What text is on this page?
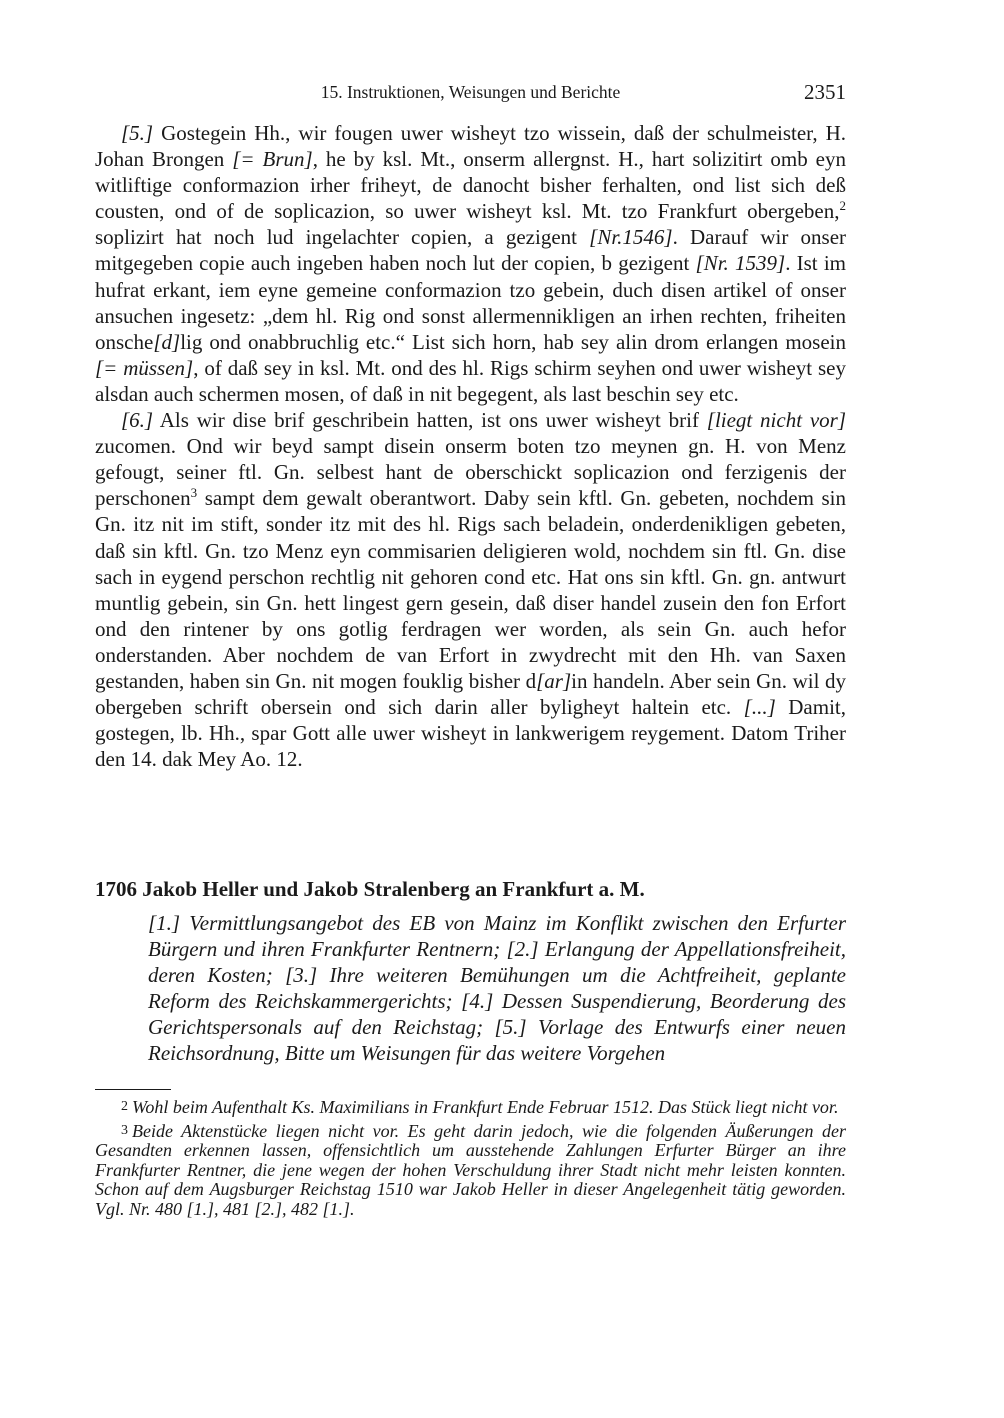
15. Instruktionen, Weisungen und Berichte	2351

[5.] Gostegein Hh., wir fougen uwer wisheyt tzo wissein, daß der schulmeister, H. Johan Brongen [= Brun], he by ksl. Mt., onserm allergnst. H., hart solizitirt omb eyn witliftige conformazion irher friheyt, de danocht bisher ferhalten, ond list sich deß cousten, ond of de soplicazion, so uwer wisheyt ksl. Mt. tzo Frankfurt obergeben,$^2$ soplizirt hat noch lud ingelachter copien, a gezigent [Nr.1546]. Darauf wir onser mitgegeben copie auch ingeben haben noch lut der copien, b gezigent [Nr. 1539]. Ist im hufrat erkant, iem eyne gemeine conformazion tzo gebein, duch disen artikel of onser ansuchen ingesetz: „dem hl. Rig ond sonst allermennikligen an irhen rechten, friheiten onsche[d]lig ond onabbruchlig etc.“ List sich horn, hab sey alin drom erlangen mosein [= müssen], of daß sey in ksl. Mt. ond des hl. Rigs schirm seyhen ond uwer wisheyt sey alsdan auch schermen mosen, of daß in nit begegent, als last beschin sey etc.

[6.] Als wir dise brif geschribein hatten, ist ons uwer wisheyt brif [liegt nicht vor] zucomen. Ond wir beyd sampt disein onserm boten tzo meynen gn. H. von Menz gefougt, seiner ftl. Gn. selbest hant de oberschickt soplicazion ond ferzigenis der perschonen$^3$ sampt dem gewalt oberantwort. Daby sein kftl. Gn. gebeten, nochdem sin Gn. itz nit im stift, sonder itz mit des hl. Rigs sach beladein, onderdenikligen gebeten, daß sin kftl. Gn. tzo Menz eyn commisarien deligieren wold, nochdem sin ftl. Gn. dise sach in eygend perschon rechtlig nit gehoren cond etc. Hat ons sin kftl. Gn. gn. antwurt muntlig gebein, sin Gn. hett lingest gern gesein, daß diser handel zusein den fon Erfort ond den rintener by ons gotlig ferdragen wer worden, als sein Gn. auch hefor onderstanden. Aber nochdem de van Erfort in zwydrecht mit den Hh. van Saxen gestanden, haben sin Gn. nit mogen fouklig bisher d[ar]in handeln. Aber sein Gn. wil dy obergeben schrift obersein ond sich darin aller byligheyt haltein etc. [...] Damit, gostegen, lb. Hh., spar Gott alle uwer wisheyt in lankwerigem reygement. Datom Triher den 14. dak Mey Ao. 12.

1706 Jakob Heller und Jakob Stralenberg an Frankfurt a. M.
[1.] Vermittlungsangebot des EB von Mainz im Konflikt zwischen den Erfurter Bürgern und ihren Frankfurter Rentnern; [2.] Erlangung der Appellationsfreiheit, deren Kosten; [3.] Ihre weiteren Bemühungen um die Achtfreiheit, geplante Reform des Reichskammergerichts; [4.] Dessen Suspendierung, Beorderung des Gerichtspersonals auf den Reichstag; [5.] Vorlage des Entwurfs einer neuen Reichsordnung, Bitte um Weisungen für das weitere Vorgehen

2 Wohl beim Aufenthalt Ks. Maximilians in Frankfurt Ende Februar 1512. Das Stück liegt nicht vor.

3 Beide Aktenstücke liegen nicht vor. Es geht darin jedoch, wie die folgenden Äußerungen der Gesandten erkennen lassen, offensichtlich um ausstehende Zahlungen Erfurter Bürger an ihre Frankfurter Rentner, die jene wegen der hohen Verschuldung ihrer Stadt nicht mehr leisten konnten. Schon auf dem Augsburger Reichstag 1510 war Jakob Heller in dieser Angelegenheit tätig geworden. Vgl. Nr. 480 [1.], 481 [2.], 482 [1.].
